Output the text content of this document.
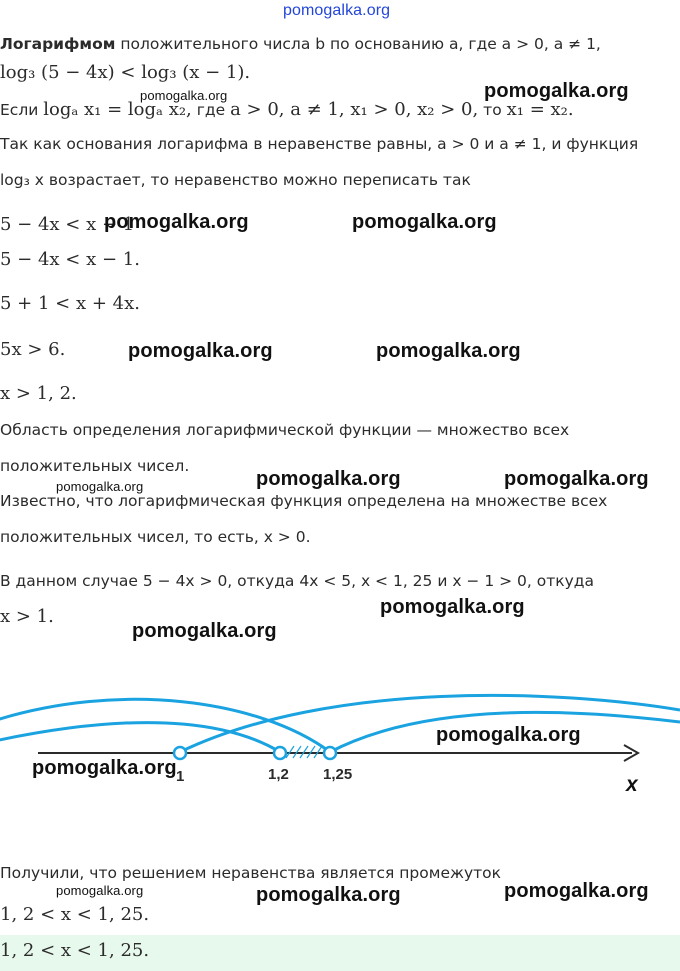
pomogalka.org
Логарифмом положительного числа b по основанию a, где a > 0, a ≠ 1,
log₃ (5 − 4x) < log₃ (x − 1).
Если logₐ x₁ = logₐ x₂, где a > 0, a ≠ 1, x₁ > 0, x₂ > 0, то x₁ = x₂.
Так как основания логарифма в неравенстве равны, a > 0 и a ≠ 1, и функция
log₃ x возрастает, то неравенство можно переписать так
5 − 4x < x − 1
5 − 4x < x − 1.
5 + 1 < x + 4x.
5x > 6.
x > 1, 2.
Область определения логарифмической функции — множество всех
положительных чисел.
Известно, что логарифмическая функция определена на множестве всех
положительных чисел, то есть, x > 0.
В данном случае 5 − 4x > 0, откуда 4x < 5, x < 1, 25 и x − 1 > 0, откуда
x > 1.
1	1,2 1,25	x
Получили, что решением неравенства является промежуток
1, 2 < x < 1, 25.
1, 2 < x < 1, 25.
pomogalka.org
pomogalka.org
pomogalka.org	pomogalka.org
pomogalka.org	pomogalka.org
pomogalka.org	pomogalka.org
pomogalka.org
pomogalka.org
pomogalka.org
pomogalka.org
pomogalka.org
pomogalka.org	pomogalka.org	pomogalka.org
